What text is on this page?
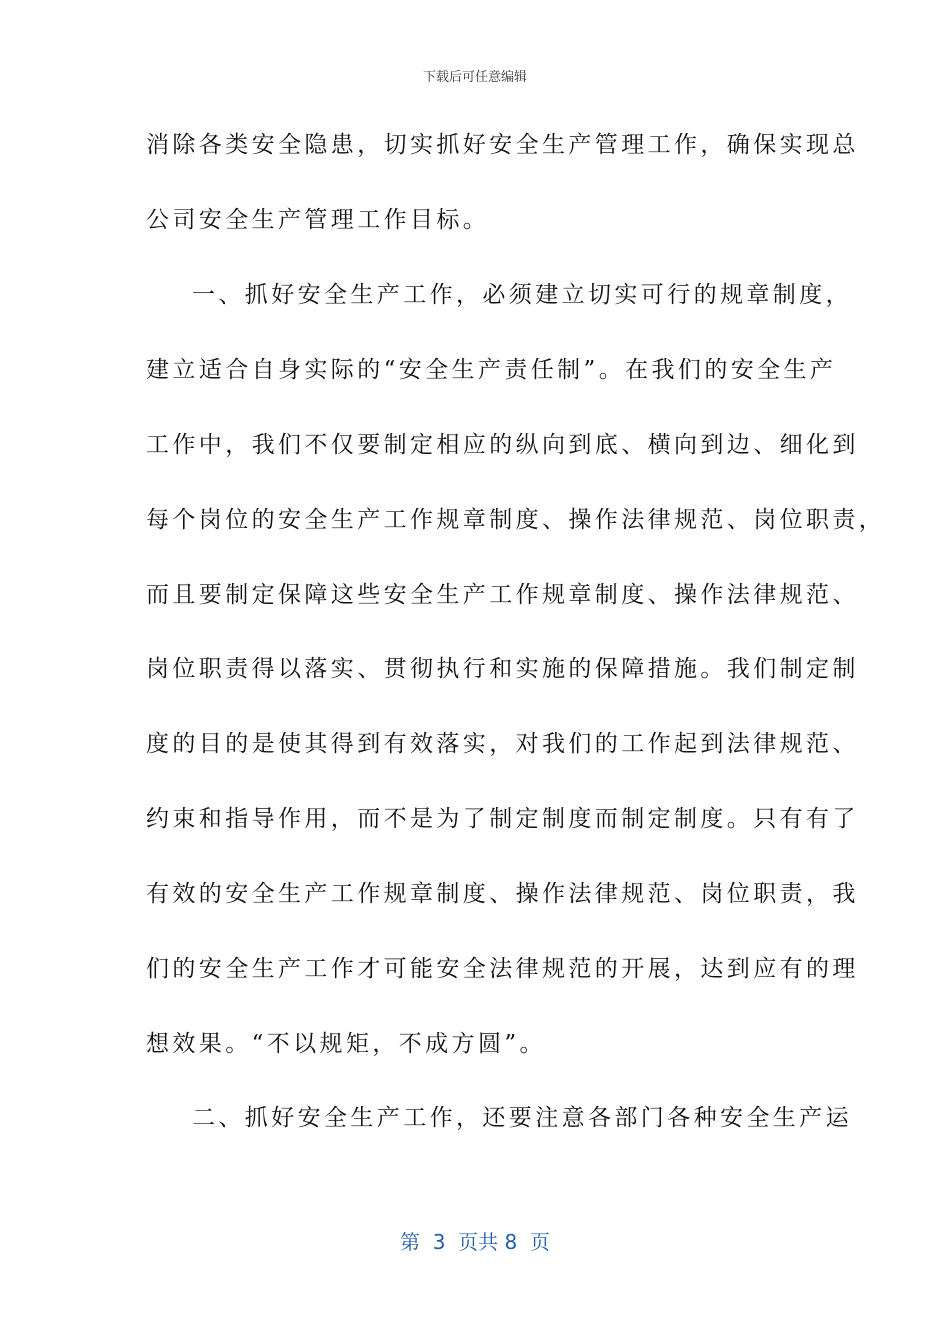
下载后可任意编辑
消除各类安全隐患，切实抓好安全生产管理工作，确保实现总
公司安全生产管理工作目标。
一、抓好安全生产工作，必须建立切实可行的规章制度，
建立适合自身实际的“安全生产责任制”。在我们的安全生产
工作中，我们不仅要制定相应的纵向到底、横向到边、细化到
每个岗位的安全生产工作规章制度、操作法律规范、岗位职责，
而且要制定保障这些安全生产工作规章制度、操作法律规范、
岗位职责得以落实、贯彻执行和实施的保障措施。我们制定制
度的目的是使其得到有效落实，对我们的工作起到法律规范、
约束和指导作用，而不是为了制定制度而制定制度。只有有了
有效的安全生产工作规章制度、操作法律规范、岗位职责，我
们的安全生产工作才可能安全法律规范的开展，达到应有的理
想效果。“不以规矩，不成方圆”。
二、抓好安全生产工作，还要注意各部门各种安全生产运
第  3  页共 8  页
